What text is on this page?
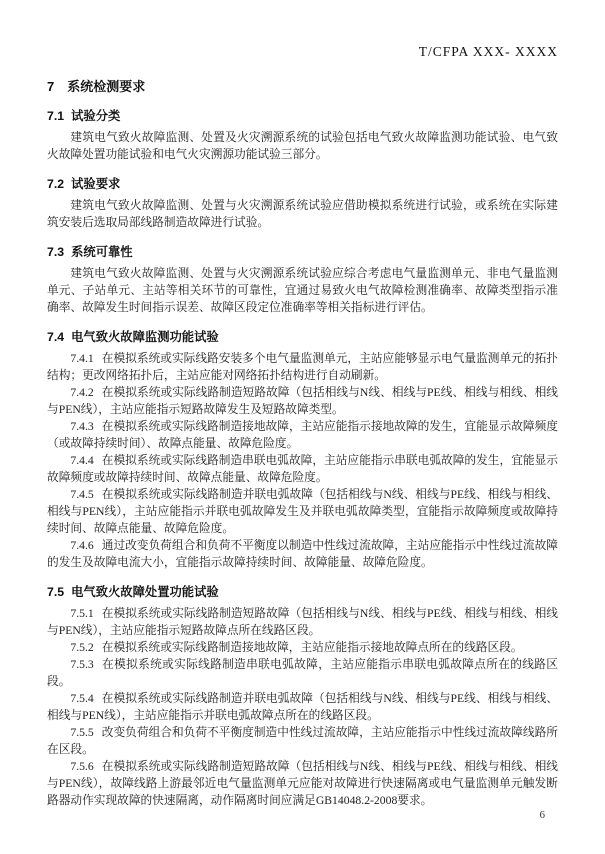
T/CFPA XXX- XXXX
7 系统检测要求
7.1 试验分类

建筑电气致火故障监测、处置及火灾溯源系统的试验包括电气致火故障监测功能试验、电气致火故障处置功能试验和电气火灾溯源功能试验三部分。

7.2 试验要求

建筑电气致火故障监测、处置与火灾溯源系统试验应借助模拟系统进行试验，或系统在实际建筑安装后选取局部线路制造故障进行试验。

7.3 系统可靠性

建筑电气致火故障监测、处置与火灾溯源系统试验应综合考虑电气量监测单元、非电气量监测单元、子站单元、主站等相关环节的可靠性，宜通过易致火电气故障检测准确率、故障类型指示准确率、故障发生时间指示误差、故障区段定位准确率等相关指标进行评估。

7.4 电气致火故障监测功能试验

7.4.1 在模拟系统或实际线路安装多个电气量监测单元，主站应能够显示电气量监测单元的拓扑结构；更改网络拓扑后，主站应能对网络拓扑结构进行自动刷新。

7.4.2 在模拟系统或实际线路制造短路故障（包括相线与N线、相线与PE线、相线与相线、相线与PEN线），主站应能指示短路故障发生及短路故障类型。

7.4.3 在模拟系统或实际线路制造接地故障，主站应能指示接地故障的发生，宜能显示故障频度（或故障持续时间）、故障点能量、故障危险度。

7.4.4 在模拟系统或实际线路制造串联电弧故障，主站应能指示串联电弧故障的发生，宜能显示故障频度或故障持续时间、故障点能量、故障危险度。

7.4.5 在模拟系统或实际线路制造并联电弧故障（包括相线与N线、相线与PE线、相线与相线、相线与PEN线），主站应能指示并联电弧故障发生及并联电弧故障类型，宜能指示故障频度或故障持续时间、故障点能量、故障危险度。

7.4.6 通过改变负荷组合和负荷不平衡度以制造中性线过流故障，主站应能指示中性线过流故障的发生及故障电流大小，宜能指示故障持续时间、故障能量、故障危险度。

7.5 电气致火故障处置功能试验

7.5.1 在模拟系统或实际线路制造短路故障（包括相线与N线、相线与PE线、相线与相线、相线与PEN线），主站应能指示短路故障点所在线路区段。

7.5.2 在模拟系统或实际线路制造接地故障，主站应能指示接地故障点所在的线路区段。

7.5.3 在模拟系统或实际线路制造串联电弧故障，主站应能指示串联电弧故障点所在的线路区段。

7.5.4 在模拟系统或实际线路制造并联电弧故障（包括相线与N线、相线与PE线、相线与相线、相线与PEN线），主站应能指示并联电弧故障点所在的线路区段。

7.5.5 改变负荷组合和负荷不平衡度制造中性线过流故障，主站应能指示中性线过流故障线路所在区段。

7.5.6 在模拟系统或实际线路制造短路故障（包括相线与N线、相线与PE线、相线与相线、相线与PEN线），故障线路上游最邻近电气量监测单元应能对故障进行快速隔离或电气量监测单元触发断路器动作实现故障的快速隔离，动作隔离时间应满足GB14048.2-2008要求。

6
